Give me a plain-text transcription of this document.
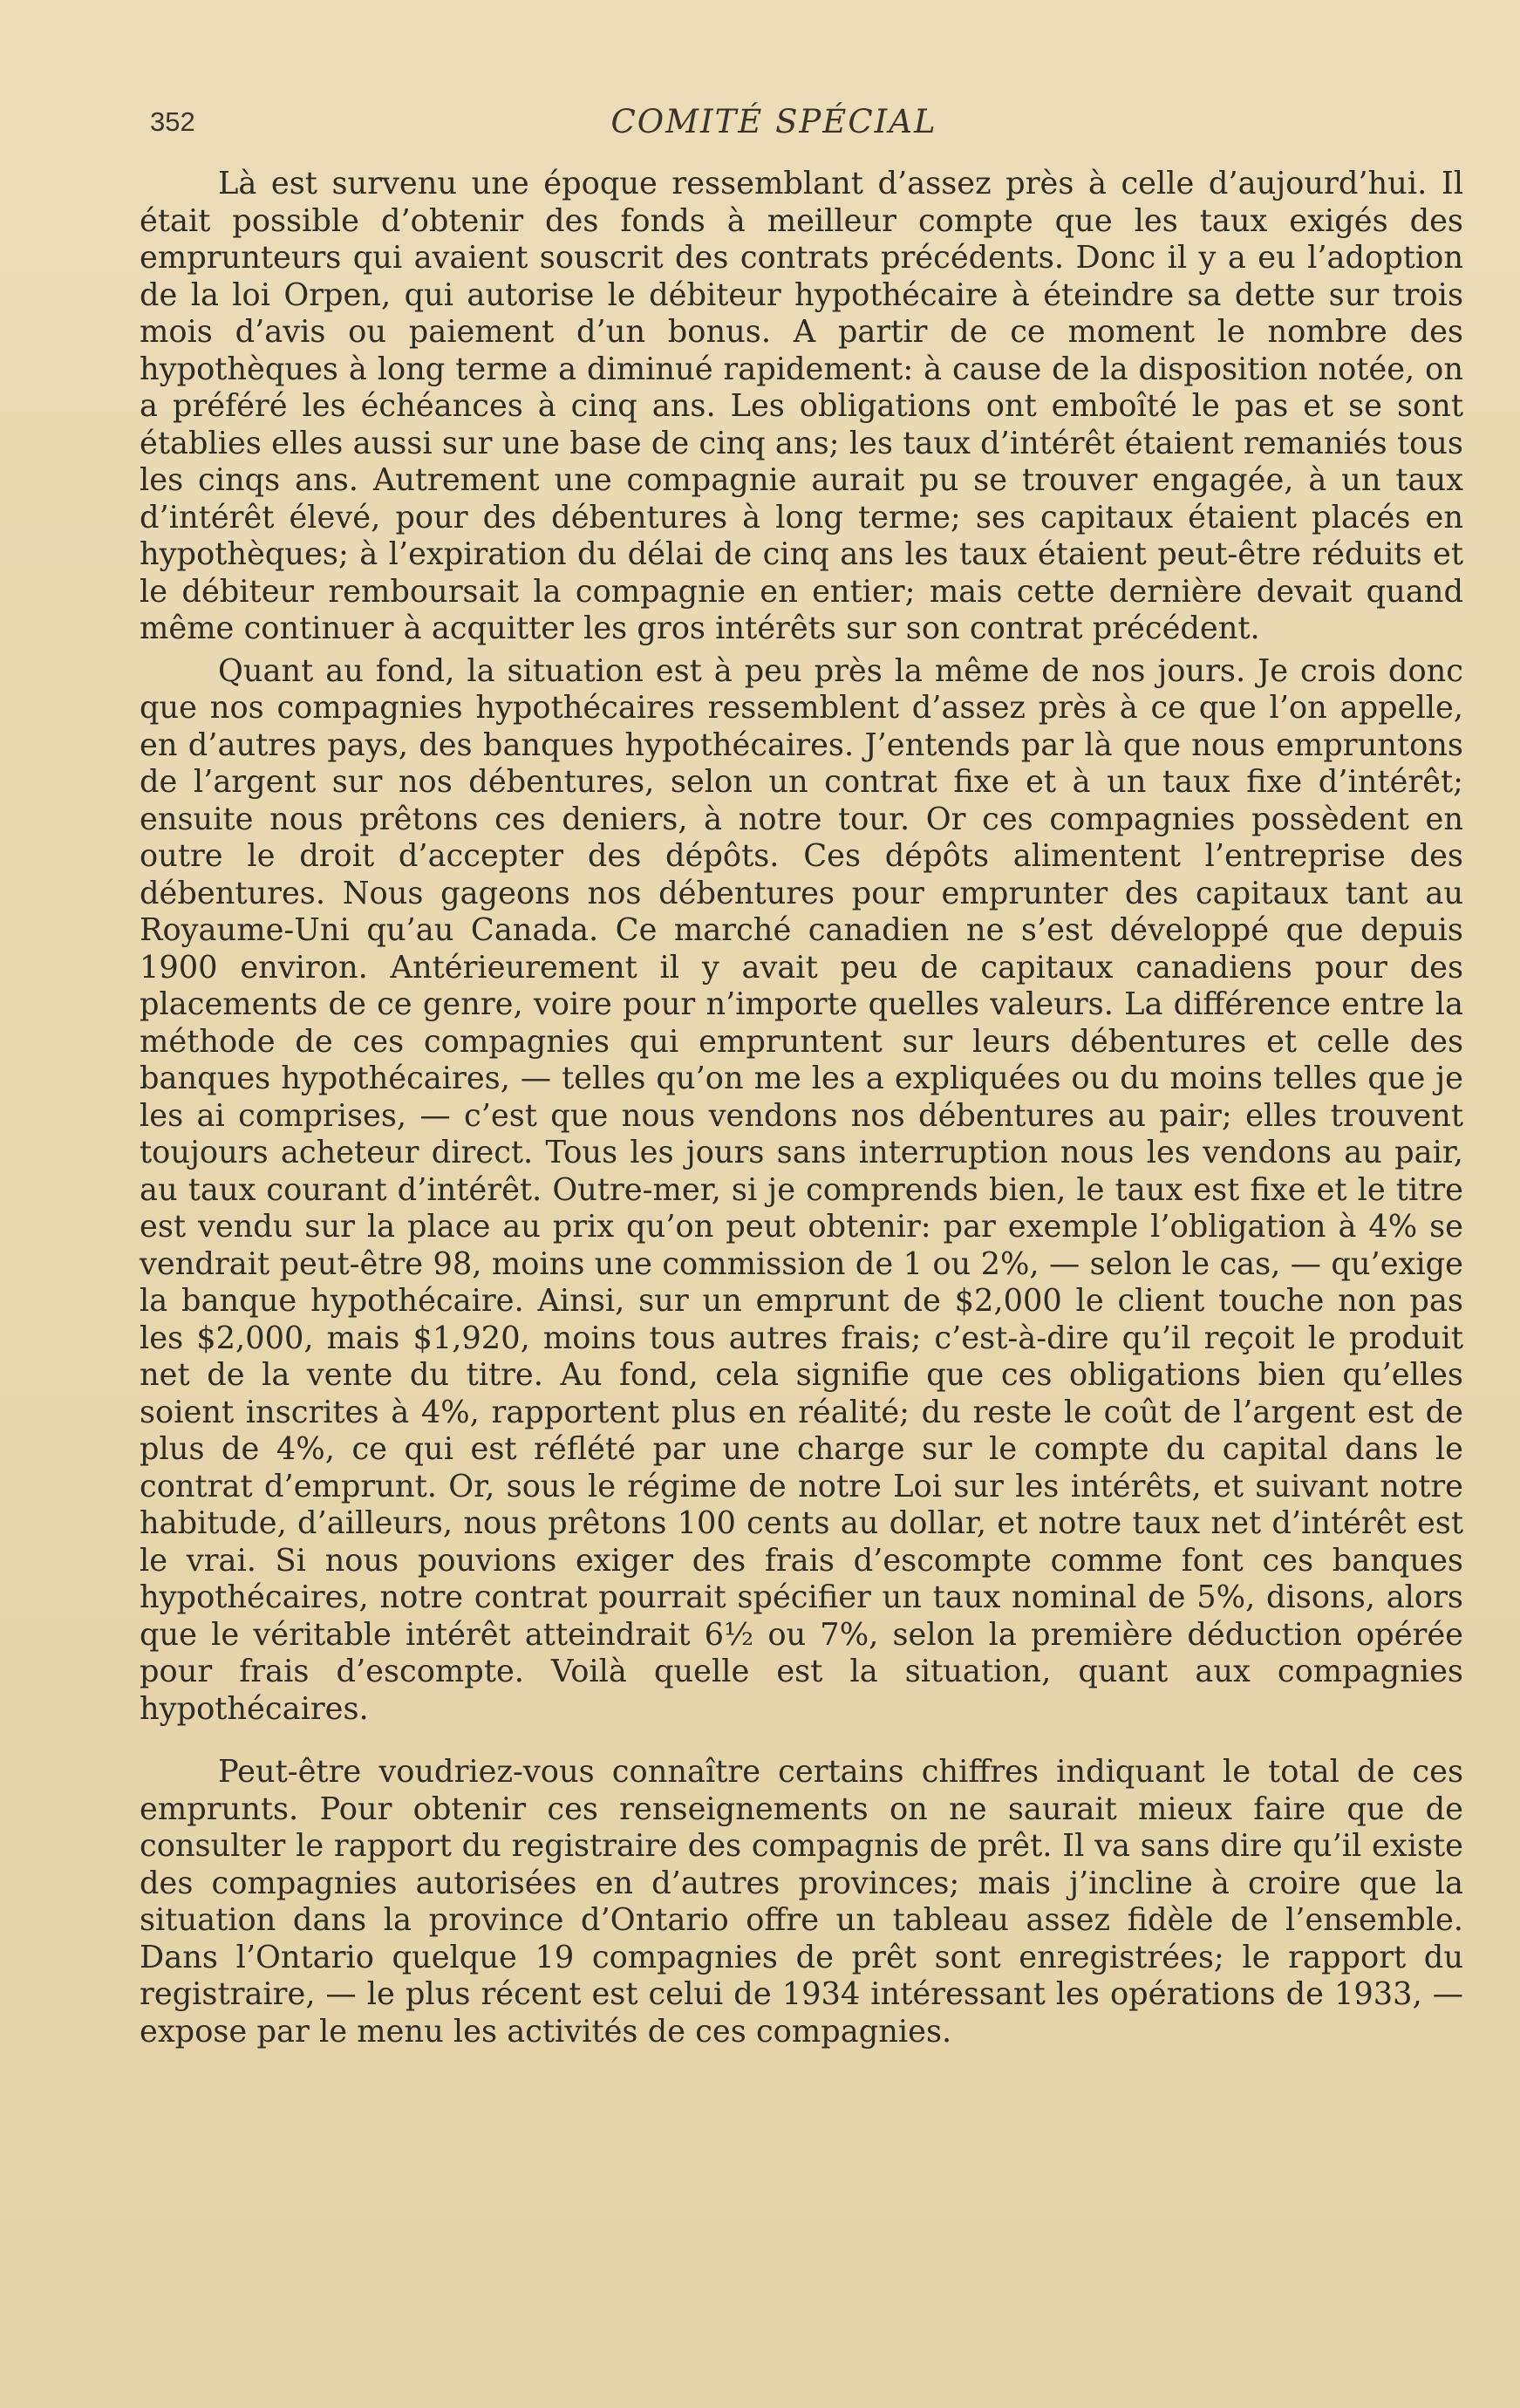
352	COMITÉ SPÉCIAL

Là est survenu une époque ressemblant d’assez près à celle d’aujourd’hui. Il était possible d’obtenir des fonds à meilleur compte que les taux exigés des emprunteurs qui avaient souscrit des contrats précédents. Donc il y a eu l’adoption de la loi Orpen, qui autorise le débiteur hypothécaire à éteindre sa dette sur trois mois d’avis ou paiement d’un bonus. A partir de ce moment le nombre des hypothèques à long terme a diminué rapidement: à cause de la disposition notée, on a préféré les échéances à cinq ans. Les obligations ont emboîté le pas et se sont établies elles aussi sur une base de cinq ans; les taux d’intérêt étaient remaniés tous les cinqs ans. Autrement une compagnie aurait pu se trouver engagée, à un taux d’intérêt élevé, pour des débentures à long terme; ses capitaux étaient placés en hypothèques; à l’expiration du délai de cinq ans les taux étaient peut-être réduits et le débiteur remboursait la compagnie en entier; mais cette dernière devait quand même continuer à acquitter les gros intérêts sur son contrat précédent.

Quant au fond, la situation est à peu près la même de nos jours. Je crois donc que nos compagnies hypothécaires ressemblent d’assez près à ce que l’on appelle, en d’autres pays, des banques hypothécaires. J’entends par là que nous empruntons de l’argent sur nos débentures, selon un contrat fixe et à un taux fixe d’intérêt; ensuite nous prêtons ces deniers, à notre tour. Or ces compagnies possèdent en outre le droit d’accepter des dépôts. Ces dépôts alimentent l’entreprise des débentures. Nous gageons nos débentures pour emprunter des capitaux tant au Royaume-Uni qu’au Canada. Ce marché canadien ne s’est développé que depuis 1900 environ. Antérieurement il y avait peu de capitaux canadiens pour des placements de ce genre, voire pour n’importe quelles valeurs. La différence entre la méthode de ces compagnies qui empruntent sur leurs débentures et celle des banques hypothécaires, — telles qu’on me les a expliquées ou du moins telles que je les ai comprises, — c’est que nous vendons nos débentures au pair; elles trouvent toujours acheteur direct. Tous les jours sans interruption nous les vendons au pair, au taux courant d’intérêt. Outre-mer, si je comprends bien, le taux est fixe et le titre est vendu sur la place au prix qu’on peut obtenir: par exemple l’obligation à 4% se vendrait peut-être 98, moins une commission de 1 ou 2%, — selon le cas, — qu’exige la banque hypothécaire. Ainsi, sur un emprunt de $2,000 le client touche non pas les $2,000, mais $1,920, moins tous autres frais; c’est-à-dire qu’il reçoit le produit net de la vente du titre. Au fond, cela signifie que ces obligations bien qu’elles soient inscrites à 4%, rapportent plus en réalité; du reste le coût de l’argent est de plus de 4%, ce qui est réflété par une charge sur le compte du capital dans le contrat d’emprunt. Or, sous le régime de notre Loi sur les intérêts, et suivant notre habitude, d’ailleurs, nous prêtons 100 cents au dollar, et notre taux net d’intérêt est le vrai. Si nous pouvions exiger des frais d’escompte comme font ces banques hypothécaires, notre contrat pourrait spécifier un taux nominal de 5%, disons, alors que le véritable intérêt atteindrait 6½ ou 7%, selon la première déduction opérée pour frais d’escompte. Voilà quelle est la situation, quant aux compagnies hypothécaires.

Peut-être voudriez-vous connaître certains chiffres indiquant le total de ces emprunts. Pour obtenir ces renseignements on ne saurait mieux faire que de consulter le rapport du registraire des compagnis de prêt. Il va sans dire qu’il existe des compagnies autorisées en d’autres provinces; mais j’incline à croire que la situation dans la province d’Ontario offre un tableau assez fidèle de l’ensemble. Dans l’Ontario quelque 19 compagnies de prêt sont enregistrées; le rapport du registraire, — le plus récent est celui de 1934 intéressant les opérations de 1933, — expose par le menu les activités de ces compagnies.
